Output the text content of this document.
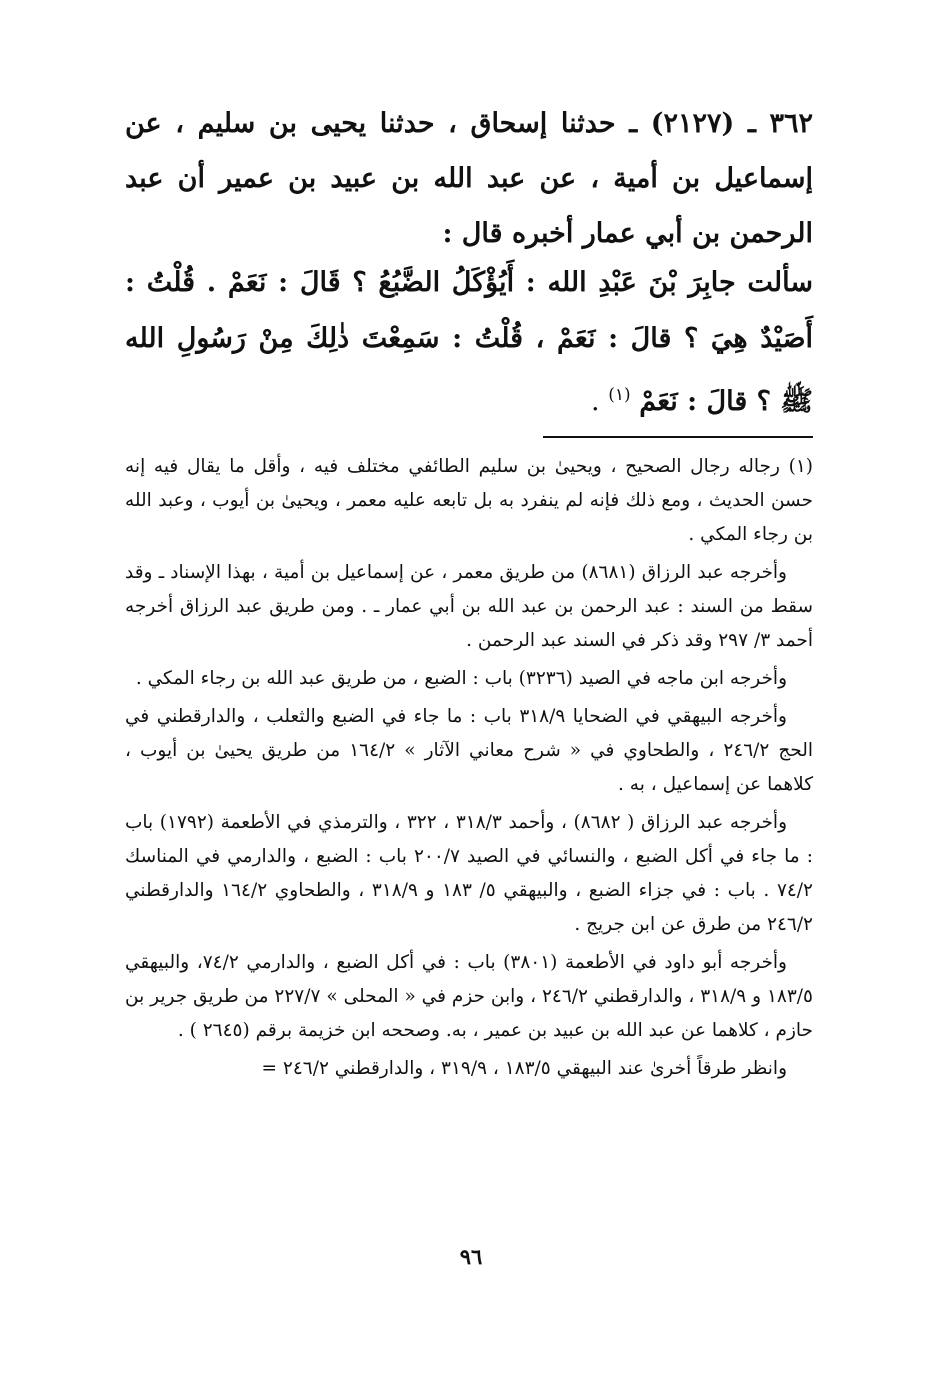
٣٦٢ ـ (٢١٢٧) ـ حدثنا إسحاق ، حدثنا يحيى بن سليم ، عن إسماعيل بن أمية ، عن عبد الله بن عبيد بن عمير أن عبد الرحمن بن أبي عمار أخبره قال :
سألت جابِرَ بْنَ عَبْدِ الله : أَيُؤْكَلُ الضَّبُعُ ؟ قَالَ : نَعَمْ . قُلْتُ : أَصَيْدٌ هِيَ ؟ قالَ : نَعَمْ ، قُلْتُ : سَمِعْتَ ذٰلِكَ مِنْ رَسُولِ الله ﷺ ؟ قالَ : نَعَمْ $^{(١)}$ .

(١) رجاله رجال الصحيح ، ويحيىٰ بن سليم الطائفي مختلف فيه ، وأقل ما يقال فيه إنه حسن الحديث ، ومع ذلك فإنه لم ينفرد به بل تابعه عليه معمر ، ويحيىٰ بن أيوب ، وعبد الله بن رجاء المكي .

وأخرجه عبد الرزاق (٨٦٨١) من طريق معمر ، عن إسماعيل بن أمية ، بهذا الإسناد ـ وقد سقط من السند : عبد الرحمن بن عبد الله بن أبي عمار ـ . ومن طريق عبد الرزاق أخرجه أحمد ٣/ ٢٩٧ وقد ذكر في السند عبد الرحمن .

وأخرجه ابن ماجه في الصيد (٣٢٣٦) باب : الضبع ، من طريق عبد الله بن رجاء المكي .

وأخرجه البيهقي في الضحايا ٣١٨/٩ باب : ما جاء في الضبع والثعلب ، والدارقطني في الحج ٢٤٦/٢ ، والطحاوي في « شرح معاني الآثار » ١٦٤/٢ من طريق يحيىٰ بن أيوب ، كلاهما عن إسماعيل ، به .

وأخرجه عبد الرزاق ( ٨٦٨٢) ، وأحمد ٣١٨/٣ ، ٣٢٢ ، والترمذي في الأطعمة (١٧٩٢) باب : ما جاء في أكل الضبع ، والنسائي في الصيد ٢٠٠/٧ باب : الضبع ، والدارمي في المناسك ٧٤/٢ . باب : في جزاء الضبع ، والبيهقي ٥/ ١٨٣ و ٣١٨/٩ ، والطحاوي ١٦٤/٢ والدارقطني ٢٤٦/٢ من طرق عن ابن جريج .

وأخرجه أبو داود في الأطعمة (٣٨٠١) باب : في أكل الضبع ، والدارمي ٧٤/٢، والبيهقي ١٨٣/٥ و ٣١٨/٩ ، والدارقطني ٢٤٦/٢ ، وابن حزم في « المحلى » ٢٢٧/٧ من طريق جرير بن حازم ، كلاهما عن عبد الله بن عبيد بن عمير ، به. وصححه ابن خزيمة برقم (٢٦٤٥ ) .

وانظر طرقاً أخرىٰ عند البيهقي ١٨٣/٥ ، ٣١٩/٩ ، والدارقطني ٢٤٦/٢ =

٩٦
